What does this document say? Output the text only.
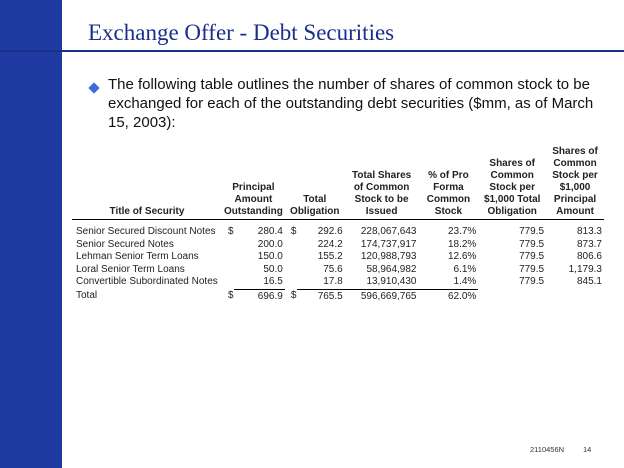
Exchange Offer - Debt Securities
The following table outlines the number of shares of common stock to be exchanged for each of the outstanding debt securities ($mm, as of March 15, 2003):
Title of Security	Principal Amount Outstanding		Total Obligation		Total Shares of Common Stock to be Issued	% of Pro Forma Common Stock	Shares of Common Stock per $1,000 Total Obligation	Shares of Common Stock per $1,000 Principal Amount

Senior Secured Discount Notes	$	280.4	$	292.6	228,067,643	23.7%	779.5	813.3
Senior Secured Notes		200.0		224.2	174,737,917	18.2%	779.5	873.7
Lehman Senior Term Loans		150.0		155.2	120,988,793	12.6%	779.5	806.6
Loral Senior Term Loans		50.0		75.6	58,964,982	6.1%	779.5	1,179.3
Convertible Subordinated Notes		16.5		17.8	13,910,430	1.4%	779.5	845.1
Total	$	696.9	$	765.5	596,669,765	62.0%		
2110456N	14
